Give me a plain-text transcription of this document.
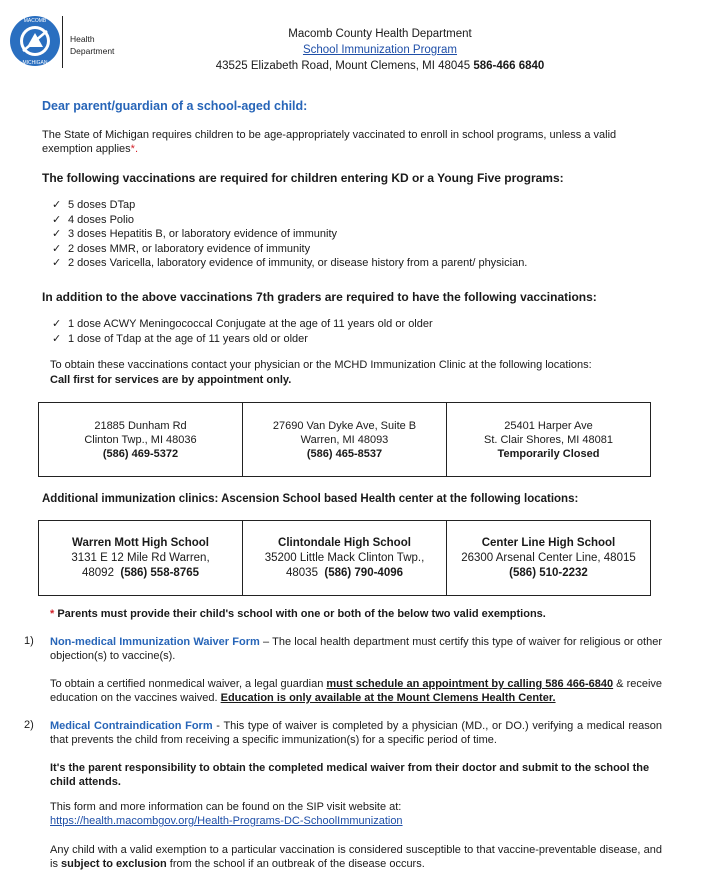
MACOMB
MICHIGAN
Health
Department
Macomb County Health Department
School Immunization Program
43525 Elizabeth Road, Mount Clemens, MI 48045 586-466 6840
Dear parent/guardian of a school-aged child:
The State of Michigan requires children to be age-appropriately vaccinated to enroll in school programs, unless a valid exemption applies*.
The following vaccinations are required for children entering KD or a Young Five programs:
✓ 5 doses DTap
✓ 4 doses Polio
✓ 3 doses Hepatitis B, or laboratory evidence of immunity
✓ 2 doses MMR, or laboratory evidence of immunity
✓ 2 doses Varicella, laboratory evidence of immunity, or disease history from a parent/ physician.
In addition to the above vaccinations 7th graders are required to have the following vaccinations:
✓ 1 dose ACWY Meningococcal Conjugate at the age of 11 years old or older
✓ 1 dose of Tdap at the age of 11 years old or older
To obtain these vaccinations contact your physician or the MCHD Immunization Clinic at the following locations:
Call first for services are by appointment only.
21885 Dunham Rd
Clinton Twp., MI 48036
(586) 469-5372
27690 Van Dyke Ave, Suite B
Warren, MI 48093
(586) 465-8537
25401 Harper Ave
St. Clair Shores, MI 48081
Temporarily Closed
Additional immunization clinics: Ascension School based Health center at the following locations:
Warren Mott High School
3131 E 12 Mile Rd Warren,
48092 (586) 558-8765
Clintondale High School
35200 Little Mack Clinton Twp.,
48035 (586) 790-4096
Center Line High School
26300 Arsenal Center Line, 48015
(586) 510-2232
* Parents must provide their child's school with one or both of the below two valid exemptions.
1) Non-medical Immunization Waiver Form – The local health department must certify this type of waiver for religious or other objection(s) to vaccine(s).
To obtain a certified nonmedical waiver, a legal guardian must schedule an appointment by calling 586 466-6840 & receive education on the vaccines waived. Education is only available at the Mount Clemens Health Center.
2) Medical Contraindication Form - This type of waiver is completed by a physician (MD., or DO.) verifying a medical reason that prevents the child from receiving a specific immunization(s) for a specific period of time.
It's the parent responsibility to obtain the completed medical waiver from their doctor and submit to the school the child attends.
This form and more information can be found on the SIP visit website at:
https://health.macombgov.org/Health-Programs-DC-SchoolImmunization
Any child with a valid exemption to a particular vaccination is considered susceptible to that vaccine-preventable disease, and is subject to exclusion from the school if an outbreak of the disease occurs.
